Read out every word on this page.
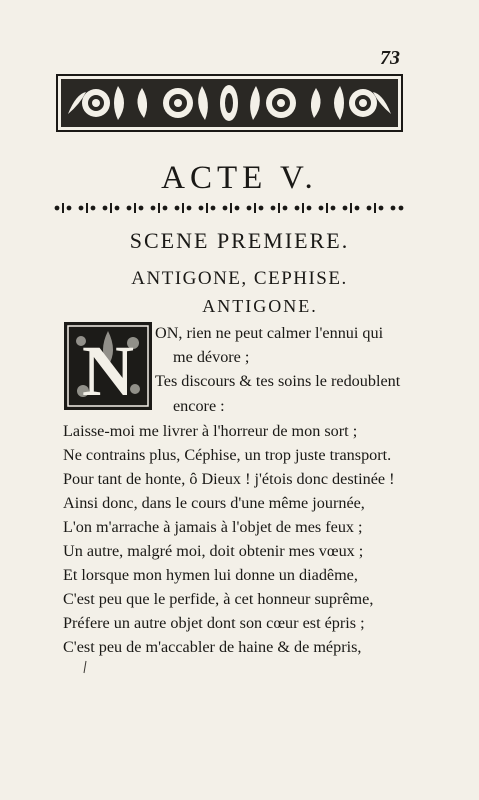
73
ACTE V.
SCENE PREMIERE.
ANTIGONE, CEPHISE.
ANTIGONE.
N ON, rien ne peut calmer l'ennui qui
me dévore ;
Tes discours & tes soins le redoublent
encore :
Laisse-moi me livrer à l'horreur de mon sort ;
Ne contrains plus, Céphise, un trop juste transport.
Pour tant de honte, ô Dieux ! j'étois donc destinée !
Ainsi donc, dans le cours d'une même journée,
L'on m'arrache à jamais à l'objet de mes feux ;
Un autre, malgré moi, doit obtenir mes vœux ;
Et lorsque mon hymen lui donne un diadême,
C'est peu que le perfide, à cet honneur suprême,
Préfere un autre objet dont son cœur est épris ;
C'est peu de m'accabler de haine & de mépris,
